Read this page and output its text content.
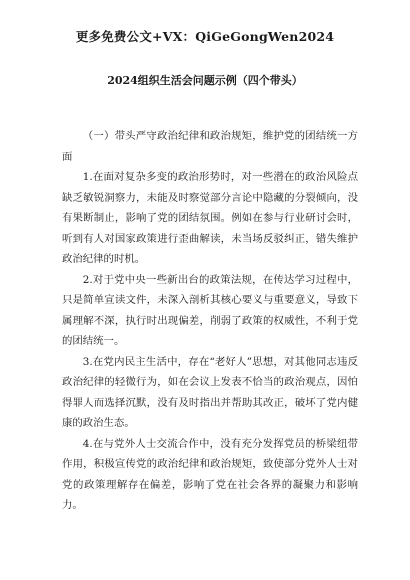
更多免费公文+VX：QiGeGongWen2024
2024组织生活会问题示例（四个带头）

（一）带头严守政治纪律和政治规矩，维护党的团结统一方面

1.在面对复杂多变的政治形势时，对一些潜在的政治风险点缺乏敏锐洞察力，未能及时察觉部分言论中隐藏的分裂倾向，没有果断制止，影响了党的团结氛围。例如在参与行业研讨会时，听到有人对国家政策进行歪曲解读，未当场反驳纠正，错失维护政治纪律的时机。

2.对于党中央一些新出台的政策法规，在传达学习过程中，只是简单宣读文件，未深入剖析其核心要义与重要意义，导致下属理解不深，执行时出现偏差，削弱了政策的权威性，不利于党的团结统一。

3.在党内民主生活中，存在“老好人”思想，对其他同志违反政治纪律的轻微行为，如在会议上发表不恰当的政治观点，因怕得罪人而选择沉默，没有及时指出并帮助其改正，破坏了党内健康的政治生态。

4.在与党外人士交流合作中，没有充分发挥党员的桥梁纽带作用，积极宣传党的政治纪律和政治规矩，致使部分党外人士对党的政策理解存在偏差，影响了党在社会各界的凝聚力和影响力。
